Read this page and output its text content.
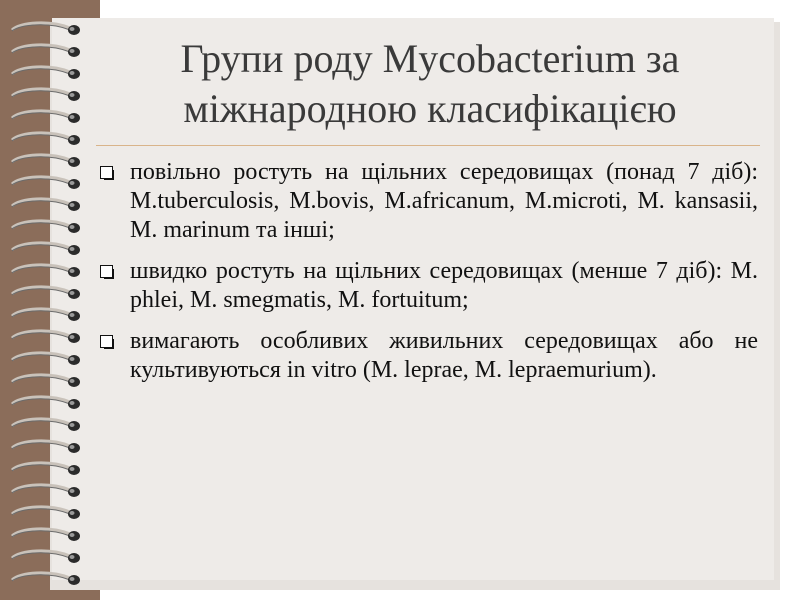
Групи роду Mycobacterium за
міжнародною класифікацією
повільно ростуть на щільних середовищах (понад 7 діб): M.tuberculosis, M.bovis, M.africanum, M.microti, M. kansasii, M. marinum та інші;
швидко ростуть на щільних середовищах (менше 7 діб): M. phlei, M. smegmatis, M. fortuitum;
вимагають особливих живильних середовищах або не культивуються in vitro (M. leprae, M. lepraemurium).
